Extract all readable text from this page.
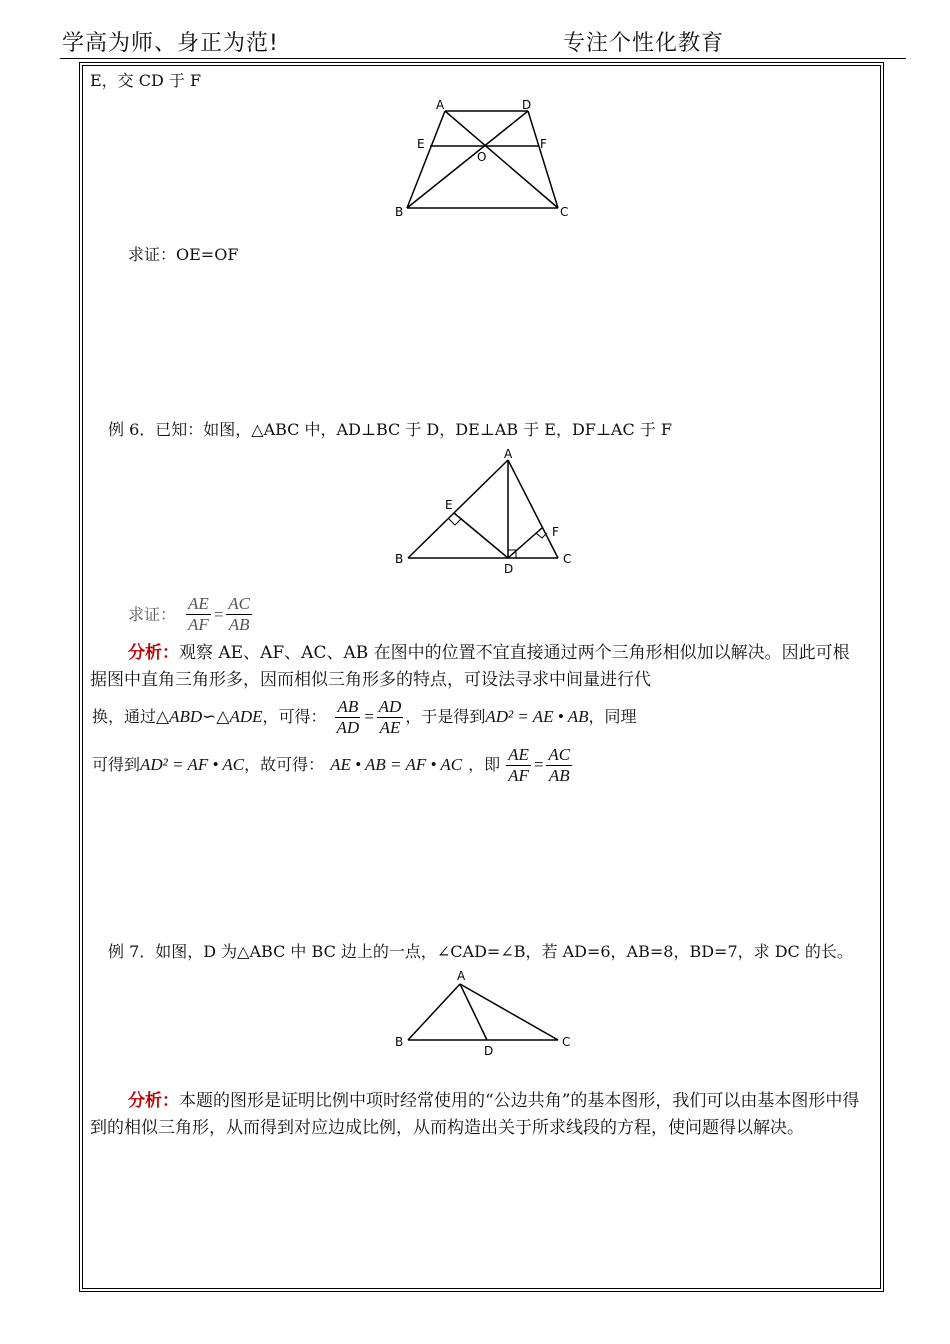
学高为师、身正为范!	专注个性化教育
E，交 CD 于 F
A	D
E
O
F
B	C
求证：OE=OF
例 6．已知：如图，△ABC 中，AD⊥BC 于 D，DE⊥AB 于 E，DF⊥AC 于 F
A
E
F
B
D
C
求证： $\frac{AE}{AF} = \frac{AC}{AB}$
分析：观察 AE、AF、AC、AB 在图中的位置不宜直接通过两个三角形相似加以解决。因此可根
据图中直角三角形多，因而相似三角形多的特点，可设法寻求中间量进行代
换，通过 △ABD∽△ADE ，可得： $\frac{AB}{AD} = \frac{AD}{AE}$ ，于是得到 AD² = AE • AB ，同理
可得到 AD² = AF • AC ，故可得： AE • AB = AF • AC ，即 $\frac{AE}{AF} = \frac{AC}{AB}$
例 7．如图，D 为△ABC 中 BC 边上的一点，∠CAD=∠B，若 AD=6，AB=8，BD=7，求 DC 的长。
A
B
D
C
分析：本题的图形是证明比例中项时经常使用的“公边共角”的基本图形，我们可以由基本图形中得到的相似三角形，从而得到对应边成比例，从而构造出关于所求线段的方程，使问题得以解决。
